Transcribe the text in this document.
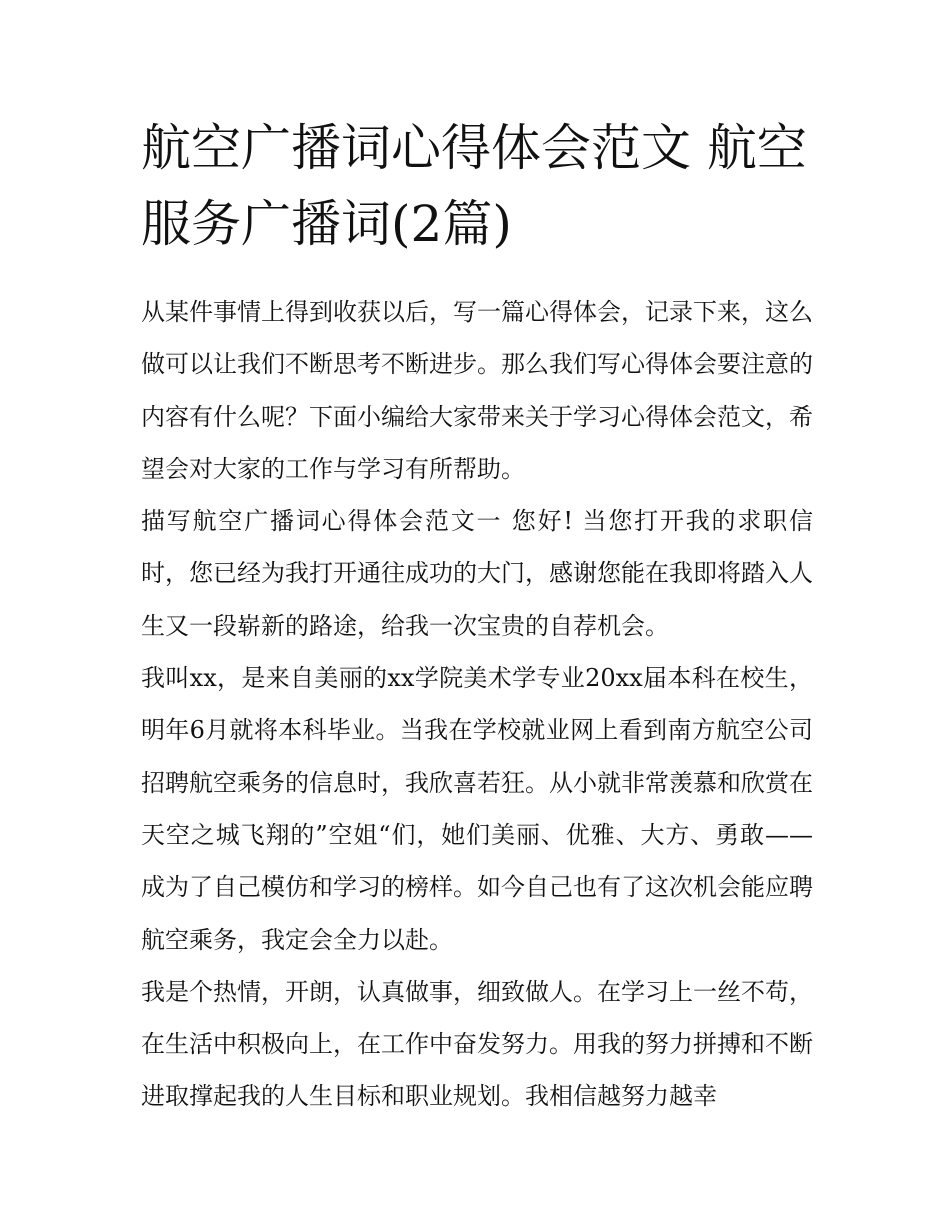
航空广播词心得体会范文 航空服务广播词(2篇)

从某件事情上得到收获以后，写一篇心得体会，记录下来，这么做可以让我们不断思考不断进步。那么我们写心得体会要注意的内容有什么呢？下面小编给大家带来关于学习心得体会范文，希望会对大家的工作与学习有所帮助。

描写航空广播词心得体会范文一 您好! 当您打开我的求职信时，您已经为我打开通往成功的大门，感谢您能在我即将踏入人生又一段崭新的路途，给我一次宝贵的自荐机会。

我叫xx，是来自美丽的xx学院美术学专业20xx届本科在校生，明年6月就将本科毕业。当我在学校就业网上看到南方航空公司招聘航空乘务的信息时，我欣喜若狂。从小就非常羡慕和欣赏在天空之城飞翔的”空姐“们，她们美丽、优雅、大方、勇敢——成为了自己模仿和学习的榜样。如今自己也有了这次机会能应聘航空乘务，我定会全力以赴。

我是个热情，开朗，认真做事，细致做人。在学习上一丝不苟，在生活中积极向上，在工作中奋发努力。用我的努力拼搏和不断进取撑起我的人生目标和职业规划。我相信越努力越幸
